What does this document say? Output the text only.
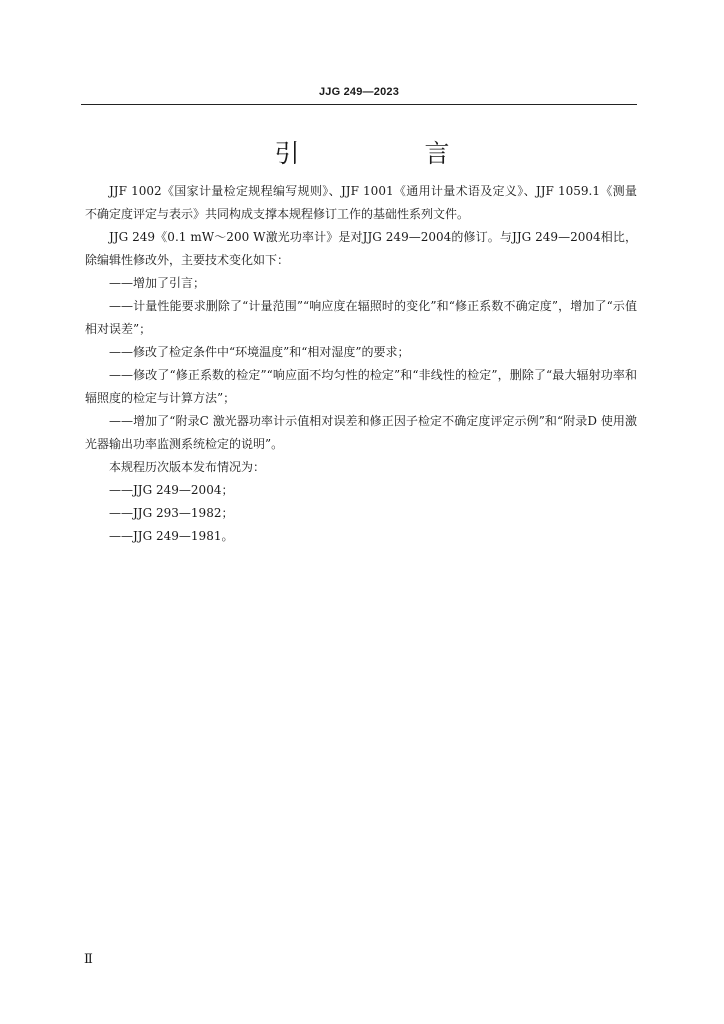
JJG 249—2023
引　言

JJF 1002《国家计量检定规程编写规则》、JJF 1001《通用计量术语及定义》、JJF 1059.1《测量不确定度评定与表示》共同构成支撑本规程修订工作的基础性系列文件。

JJG 249《0.1 mW～200 W激光功率计》是对JJG 249—2004的修订。与JJG 249—2004相比，除编辑性修改外，主要技术变化如下：

——增加了引言；

——计量性能要求删除了“计量范围”“响应度在辐照时的变化”和“修正系数不确定度”，增加了“示值相对误差”；

——修改了检定条件中“环境温度”和“相对湿度”的要求；

——修改了“修正系数的检定”“响应面不均匀性的检定”和“非线性的检定”，删除了“最大辐射功率和辐照度的检定与计算方法”；

——增加了“附录C 激光器功率计示值相对误差和修正因子检定不确定度评定示例”和“附录D 使用激光器输出功率监测系统检定的说明”。

本规程历次版本发布情况为：

——JJG 249—2004；

——JJG 293—1982；

——JJG 249—1981。

Ⅱ
